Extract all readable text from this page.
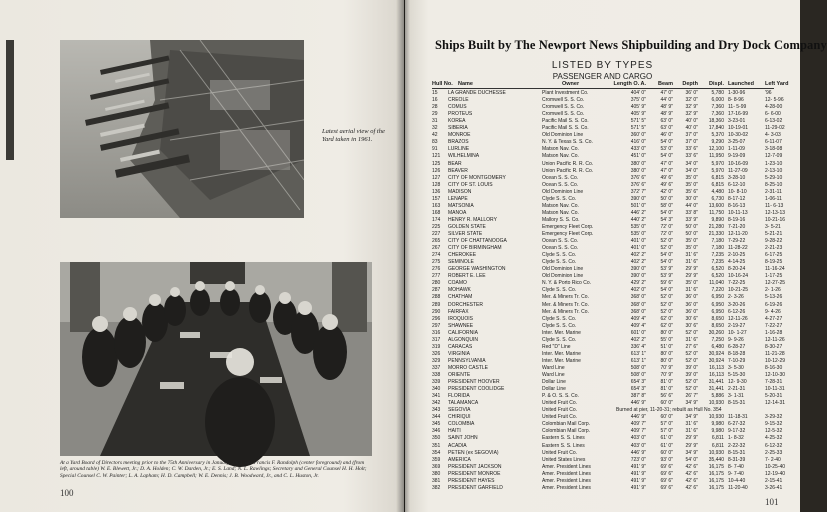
Latest aerial view of the Yard taken in 1961.
At a Yard Board of Directors meeting prior to the 75th Anniversary in January, 1961, are Francis F. Randolph (center foreground) and (from left, around table) W. E. Blewett, Jr.; D. A. Holden; C. W. Darden, Jr.; E. S. Land; N. L. Rawlings; Secretary and General Counsel H. H. Holt; Special Counsel C. W. Painter; L. A. Lapham; H. D. Campbell; W. E. Dennis; J. B. Woodward, Jr., and C. L. Huston, Jr.
100
Ships Built by The Newport News Shipbuilding and Dry Dock Company
LISTED BY TYPES
PASSENGER AND CARGO
Hull No. Name	Owner	Length O. A.	Beam	Depth	Displ. Launched	Left Yard
15	LA GRANDE DUCHESSE	Plant Investment Co.	404' 0"	47' 0"	36' 0"	5,780 1-30-96	'96
16	CREOLE	Cromwell S. S. Co.	375' 0"	44' 0"	32' 0"	6,000 8- 8-96	12- 5-96
28	COMUS	Cromwell S. S. Co.	405' 9"	48' 9"	32' 9"	7,360 11- 5-99	4-28-00
29	PROTEUS	Cromwell S. S. Co.	405' 9"	48' 9"	32' 9"	7,360 17-16-99	6- 6-00
31	KOREA	Pacific Mail S. S. Co.	571' 5"	63' 0"	40' 0"	18,360 3-23-01	6-13-02
32	SIBERIA	Pacific Mail S. S. Co.	571' 5"	63' 0"	40' 0"	17,840 10-19-01	11-29-02
42	MONROE	Old Dominion Line	360' 0"	46' 0"	37' 0"	5,370 10-30-02	4- 3-03
83	BRAZOS	N. Y. & Texas S. S. Co.	416' 0"	54' 0"	37' 0"	9,290 3-25-07	6-11-07
91	LURLINE	Matson Nav. Co.	433' 0"	53' 0"	33' 6"	12,100 1-11-09	3-18-08
121	WILHELMINA	Matson Nav. Co.	451' 0"	54' 0"	33' 6"	11,950 9-19-09	12-7-09
125	BEAR	Union Pacific R. R. Co.	380' 0"	47' 0"	34' 0"	5,970 10-16-09	1-23-10
126	BEAVER	Union Pacific R. R. Co.	380' 0"	47' 0"	34' 0"	5,970 11-27-09	2-13-10
127	CITY OF MONTGOMERY	Ocean S. S. Co.	376' 6"	49' 6"	35' 0"	6,815 3-28-10	5-29-10
128	CITY OF ST. LOUIS	Ocean S. S. Co.	376' 6"	49' 6"	35' 0"	6,815 6-12-10	8-25-10
136	MADISON	Old Dominion Line	372' 7"	42' 0"	35' 6"	4,480 10- 8-10	2-31-11
157	LENAPE	Clyde S. S. Co.	390' 0"	50' 0"	30' 0"	6,730 8-17-12	1-06-11
163	MATSONIA	Matson Nav. Co.	501' 0"	58' 0"	44' 0"	13,600 8-16-13	11- 6-13
168	MANOA	Matson Nav. Co.	446' 2"	54' 0"	33' 8"	11,750 10-11-13	12-13-13
174	HENRY R. MALLORY	Mallory S. S. Co.	440' 2"	54' 3"	33' 9"	9,890 8-19-16	10-21-16
225	GOLDEN STATE	Emergency Fleet Corp.	535' 0"	72' 0"	50' 0"	21,280 7-21-20	3- 5-21
227	SILVER STATE	Emergency Fleet Corp.	535' 0"	72' 0"	50' 0"	21,330 12-11-20	5-21-21
265	CITY OF CHATTANOOGA	Ocean S. S. Co.	401' 0"	52' 0"	35' 0"	7,180 7-29-22	9-28-22
267	CITY OF BIRMINGHAM	Ocean S. S. Co.	401' 0"	52' 0"	35' 0"	7,180 11-28-22	2-21-23
274	CHEROKEE	Clyde S. S. Co.	402' 2"	54' 0"	31' 6"	7,235 2-10-25	6-17-25
275	SEMINOLE	Clyde S. S. Co.	402' 2"	54' 0"	31' 6"	7,235 4-14-25	8-19-25
276	GEORGE WASHINGTON	Old Dominion Line	390' 0"	53' 9"	29' 9"	6,520 8-20-24	11-16-24
277	ROBERT E. LEE	Old Dominion Line	390' 0"	53' 9"	29' 9"	6,520 10-16-24	1-17-25
280	COAMO	N. Y. & Porto Rico Co.	429' 2"	59' 6"	35' 0"	11,040 7-22-25	12-27-25
287	MOHAWK	Clyde S. S. Co.	402' 0"	54' 0"	31' 6"	7,220 10-21-25	2- 1-26
288	CHATHAM	Mer. & Miners Tr. Co.	368' 0"	52' 0"	36' 0"	6,950 2- 3-26	5-13-26
289	DORCHESTER	Mer. & Miners Tr. Co.	368' 0"	52' 0"	36' 0"	6,950 3-20-26	6-19-26
290	FAIRFAX	Mer. & Miners Tr. Co.	368' 0"	52' 0"	36' 0"	6,950 6-12-26	9- 4-26
296	IROQUOIS	Clyde S. S. Co.	409' 4"	62' 0"	30' 6"	8,650 12-11-26	4-27-27
297	SHAWNEE	Clyde S. S. Co.	409' 4"	62' 0"	30' 6"	8,650 2-19-27	7-22-27
316	CALIFORNIA	Inter. Mer. Marine	601' 0"	80' 0"	52' 0"	30,260 10- 1-27	1-16-28
317	ALGONQUIN	Clyde S. S. Co.	402' 2"	55' 0"	31' 6"	7,250 9- 9-26	12-11-26
319	CARACAS	Red "D" Line	336' 4"	51' 0"	27' 6"	6,480 6-28-27	8-30-27
326	VIRGINIA	Inter. Mer. Marine	613' 1"	80' 0"	52' 0"	30,924 8-18-28	11-21-28
329	PENNSYLVANIA	Inter. Mer. Marine	613' 1"	80' 0"	52' 0"	30,924 7-10-29	10-12-29
337	MORRO CASTLE	Ward Line	508' 0"	70' 9"	39' 0"	16,113 3- 5-30	8-16-30
338	ORIENTE	Ward Line	508' 0"	70' 9"	39' 0"	16,113 5-15-30	12-10-30
339	PRESIDENT HOOVER	Dollar Line	654' 3"	81' 0"	52' 0"	31,441 12- 9-30	7-28-31
340	PRESIDENT COOLIDGE	Dollar Line	654' 3"	81' 0"	52' 0"	31,441 2-21-31	10-11-31
341	FLORIDA	P. & O. S. S. Co.	387' 8"	56' 6"	26' 7"	5,886 3- 1-31	5-20-31
342	TALAMANCA	United Fruit Co.	446' 9"	60' 0"	34' 9"	10,930 8-15-31	12-14-31
343	SEGOVIA	United Fruit Co.	Burned at pier, 11-20-31; rebuilt as Hull No. 354
344	CHIRIQUI	United Fruit Co.	446' 9"	60' 0"	34' 9"	10,930 11-18-31	3-29-32
345	COLOMBIA	Colombian Mail Corp.	409' 7"	57' 0"	31' 6"	9,980 6-27-32	9-15-32
346	HAITI	Colombian Mail Corp.	409' 7"	57' 0"	31' 6"	9,980 9-17-32	12-5-32
350	SAINT JOHN	Eastern S. S. Lines	403' 0"	61' 0"	29' 9"	6,811 1- 8-32	4-25-32
351	ACADIA	Eastern S. S. Lines	403' 0"	61' 0"	29' 9"	6,811 2-22-32	6-12-32
354	PETEN (ex SEGOVIA)	United Fruit Co.	446' 9"	60' 0"	34' 9"	10,930 8-15-31	2-25-33
359	AMERICA	United States Lines	723' 0"	93' 0"	54' 0"	35,440 8-31-39	7- 2-40
369	PRESIDENT JACKSON	Amer. President Lines	491' 9"	69' 6"	42' 6"	16,175 8- 7-40	10-25-40
380	PRESIDENT MONROE	Amer. President Lines	491' 9"	69' 6"	42' 6"	16,175 9- 7-40	12-19-40
381	PRESIDENT HAYES	Amer. President Lines	491' 9"	69' 6"	42' 6"	16,175 10-4-40	2-15-41
382	PRESIDENT GARFIELD	Amer. President Lines	491' 9"	69' 6"	42' 6"	16,175 11-20-40	3-26-41
101
